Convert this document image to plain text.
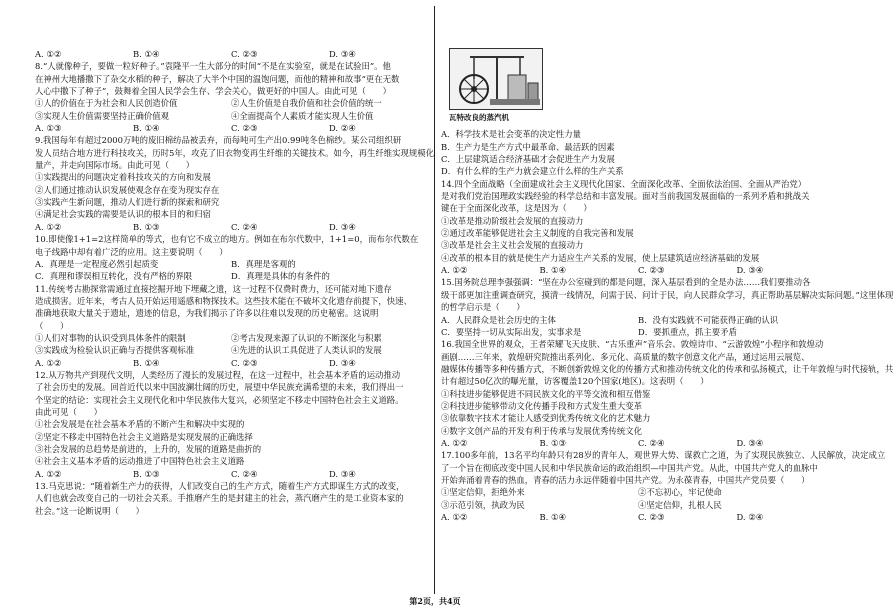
A. ①②	B. ①④	C. ②③	D. ③④
8.“人就像种子，要做一粒好种子。”袁隆平一生大部分的时间“不是在实验室，就是在试验田”。他
在神州大地播撒下了杂交水稻的种子，解决了大半个中国的温饱问题，而他的精神和故事“更在无数
人心中撒下了种子”，鼓舞着全国人民学会生存、学会关心，做更好的中国人。由此可见（　　）
①人的价值在于为社会和人民创造价值	②人生价值是自我价值和社会价值的统一
③实现人生价值需要坚持正确价值观	④全面提高个人素质才能实现人生价值
A. ①③	B. ①④	C. ②③	D. ②④
9.我国每年有超过2000万吨的废旧棉纺品被丢弃，而每吨可生产出0.99吨冬色棉纱。某公司组织研
发人员结合地方进行科技攻关，历时5年，攻克了旧衣物变再生纤维的关键技术。如今，再生纤维实现规模化
量产，并走向国际市场。由此可见（　　）
①实践提出的问题决定着科技攻关的方向和发展
②人们通过推动认识发展使观念存在变为现实存在
③实践产生新问题，推动人们进行新的探索和研究
④满足社会实践的需要是认识的根本目的和归宿
A. ①②	B. ①③	C. ②④	D. ③④
10.即使像1+1=2这样简单的等式，也有它不成立的地方。例如在布尔代数中，1+1=0，而布尔代数在
电子线路中却有着广泛的应用。这主要说明（　　）
A．真理是一定程度必然引起质变	B．真理是客观的
C．真理和谬误相互转化，没有严格的界限	D．真理是具体的有条件的
11.传统考古勘探常需通过直接挖掘开地下埋藏之遗，这一过程不仅费时费力，还可能对地下遗存
造成损害。近年来，考古人员开始运用遥感和物探技术。这些技术能在不破坏文化遗存前提下，快速、
准确地获取大量关于遗址，遗迹的信息，为我们揭示了许多以往难以发现的历史秘密。这说明
（　　）
①人们对事物的认识受到具体条件的限制	②考古发现来源了认识的不断深化与积累
③实践成为检验认识正确与否提供客观标准	④先进的认识工具促进了人类认识的发展
A. ①②	B. ①④	C. ②③	D. ③④
12.从万物共产到现代文明，人类经历了漫长的发展过程，在这一过程中，社会基本矛盾的运动推动
了社会历史的发展。回首近代以来中国波澜壮阔的历史，展望中华民族充满希望的未来，我们得出一
个坚定的结论：实现社会主义现代化和中华民族伟大复兴，必须坚定不移走中国特色社会主义道路。
由此可见（　　）
①社会发展是在社会基本矛盾的不断产生和解决中实现的
②坚定不移走中国特色社会主义道路是实现发展的正确选择
③社会发展的总趋势是前进的，上升的，发展的道路是曲折的
④社会主义基本矛盾的运动推进了中国特色社会主义道路
A. ①②	B. ①③	C. ②④	D. ③④
13.马克思说：“随着新生产力的获得，人们改变自己的生产方式，随着生产方式即谋生方式的改变，
人们也就会改变自己的一切社会关系。手推磨产生的是封建主的社会，蒸汽磨产生的是工业资本家的
社会。”这一论断说明（　　）
瓦特改良的蒸汽机
A．科学技术是社会变革的决定性力量
B．生产力是生产方式中最革命、最活跃的因素
C．上层建筑适合经济基础才会促进生产力发展
D．有什么样的生产力就会建立什么样的生产关系
14.四个全面战略（全面建成社会主义现代化国家、全面深化改革、全面依法治国、全面从严治党）
是对我们党治国理政实践经验的科学总结和丰富发展。面对当前我国发展面临的一系列矛盾和挑战关
键在于全面深化改革，这是因为（　　）
①改革是推动阶级社会发展的直接动力
②通过改革能够促进社会主义制度的自我完善和发展
③改革是社会主义社会发展的直接动力
④改革的根本目的就是使生产力适应生产关系的发展，使上层建筑适应经济基础的发展
A. ①②	B. ①④	C. ②③	D. ③④
15.国务院总理李强强调：“坚在办公室碰到的都是问题，深入基层看到的全是办法……我们要推动各
级干部更加注重调查研究，摸清一线情况，问需于民、问计于民，向人民群众学习，真正帮助基层解决实际问题。”这里体现
的哲学启示是（　　）
A．人民群众是社会历史的主体	B．没有实践就不可能获得正确的认识
C．要坚持一切从实际出发，实事求是	D．要抓重点，抓主要矛盾
16.我国全世界的观众，王者荣耀飞天皮肤、“古乐重声”音乐会、敦煌诗巾、“云游敦煌”小程序和敦煌动
画剧……三年来，敦煌研究院推出系列化、多元化、高质量的数字创意文化产品，通过运用云展览、
融媒体传播等多种传播方式，不断创新敦煌文化的传播方式和推动传统文化的传承和弘扬模式，让千年敦煌与时代接轨，共
计有超过50亿次的曝光量，访客覆盖120个国家(地区)。这表明（　　）
①科技进步能够促进不同民族文化的平等交流和相互借鉴
②科技进步能够带动文化传播手段和方式发生重大变革
③依靠数字技术才能让人感受到优秀传统文化的艺术魅力
④数字文创产品的开发有利于传承与发展优秀传统文化
A. ①②	B. ①③	C. ②④	D. ③④
17.100多年前，13名平均年龄只有28岁的青年人，观世界大势、谋救亡之道，为了实现民族独立、人民解放，决定成立
了一个旨在彻底改变中国人民和中华民族命运的政治组织—中国共产党。从此，中国共产党人的血脉中
开始奔涌着青春的热血，青春的活力永远伴随着中国共产党。为永葆青春，中国共产党员要（　　）
①坚定信仰，拒绝外来	②不忘初心，牢记使命
③示范引领，执政为民	④坚定信仰，扎根人民
A. ①②	B. ①④	C. ②③	D. ②④
第2页，共4页
